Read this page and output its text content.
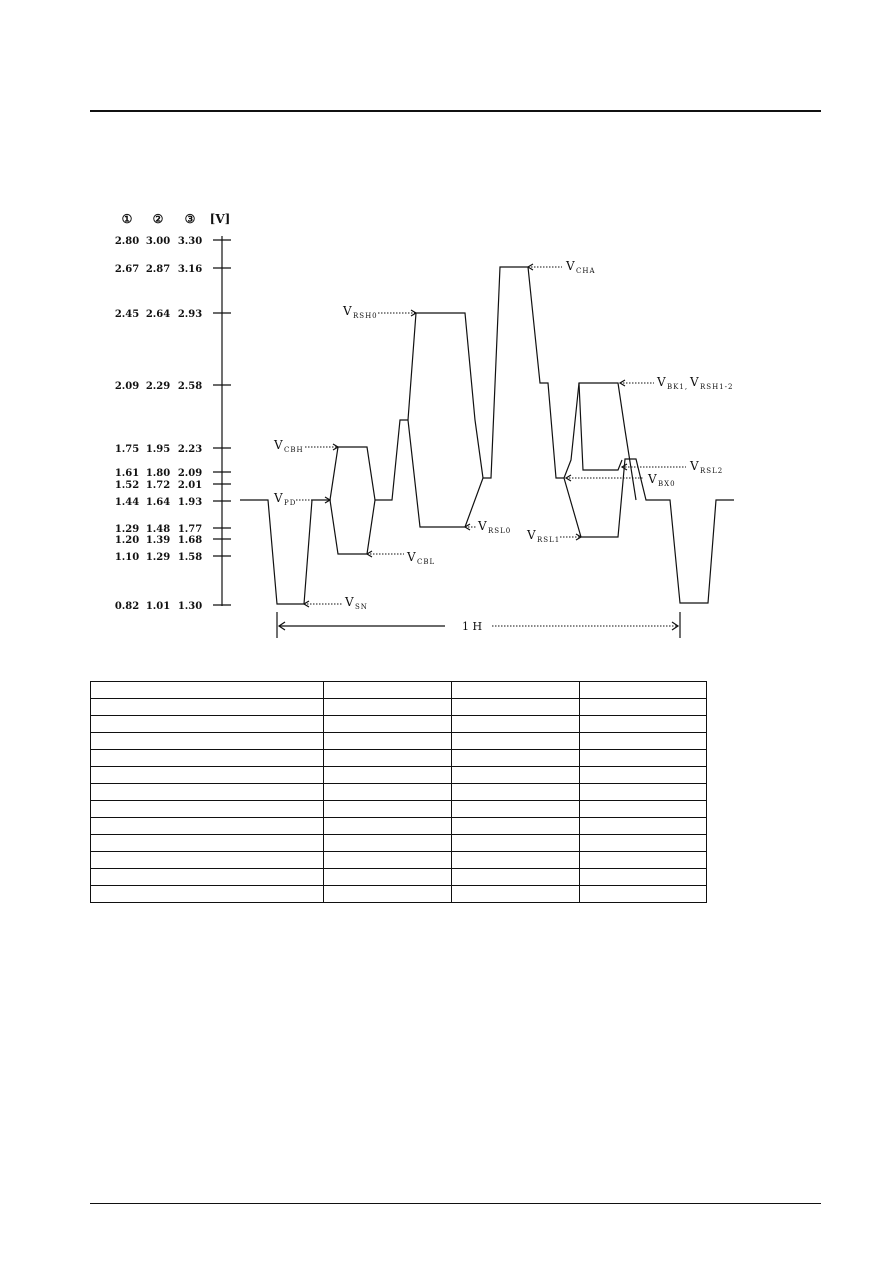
① ② ③ [V]
2.80 3.00 3.30
2.67 2.87 3.16
2.45 2.64 2.93
2.09 2.29 2.58
1.75 1.95 2.23
1.61 1.80 2.09
1.52 1.72 2.01
1.44 1.64 1.93
1.29 1.48 1.77
1.20 1.39 1.68
1.10 1.29 1.58
0.82 1.01 1.30
V CHA
V RSH0
V BK1, V RSH1-2
V CBH
V RSL2
V BX0
V PD
V RSL0 V RSL1
V CBL
V SN
1 H
